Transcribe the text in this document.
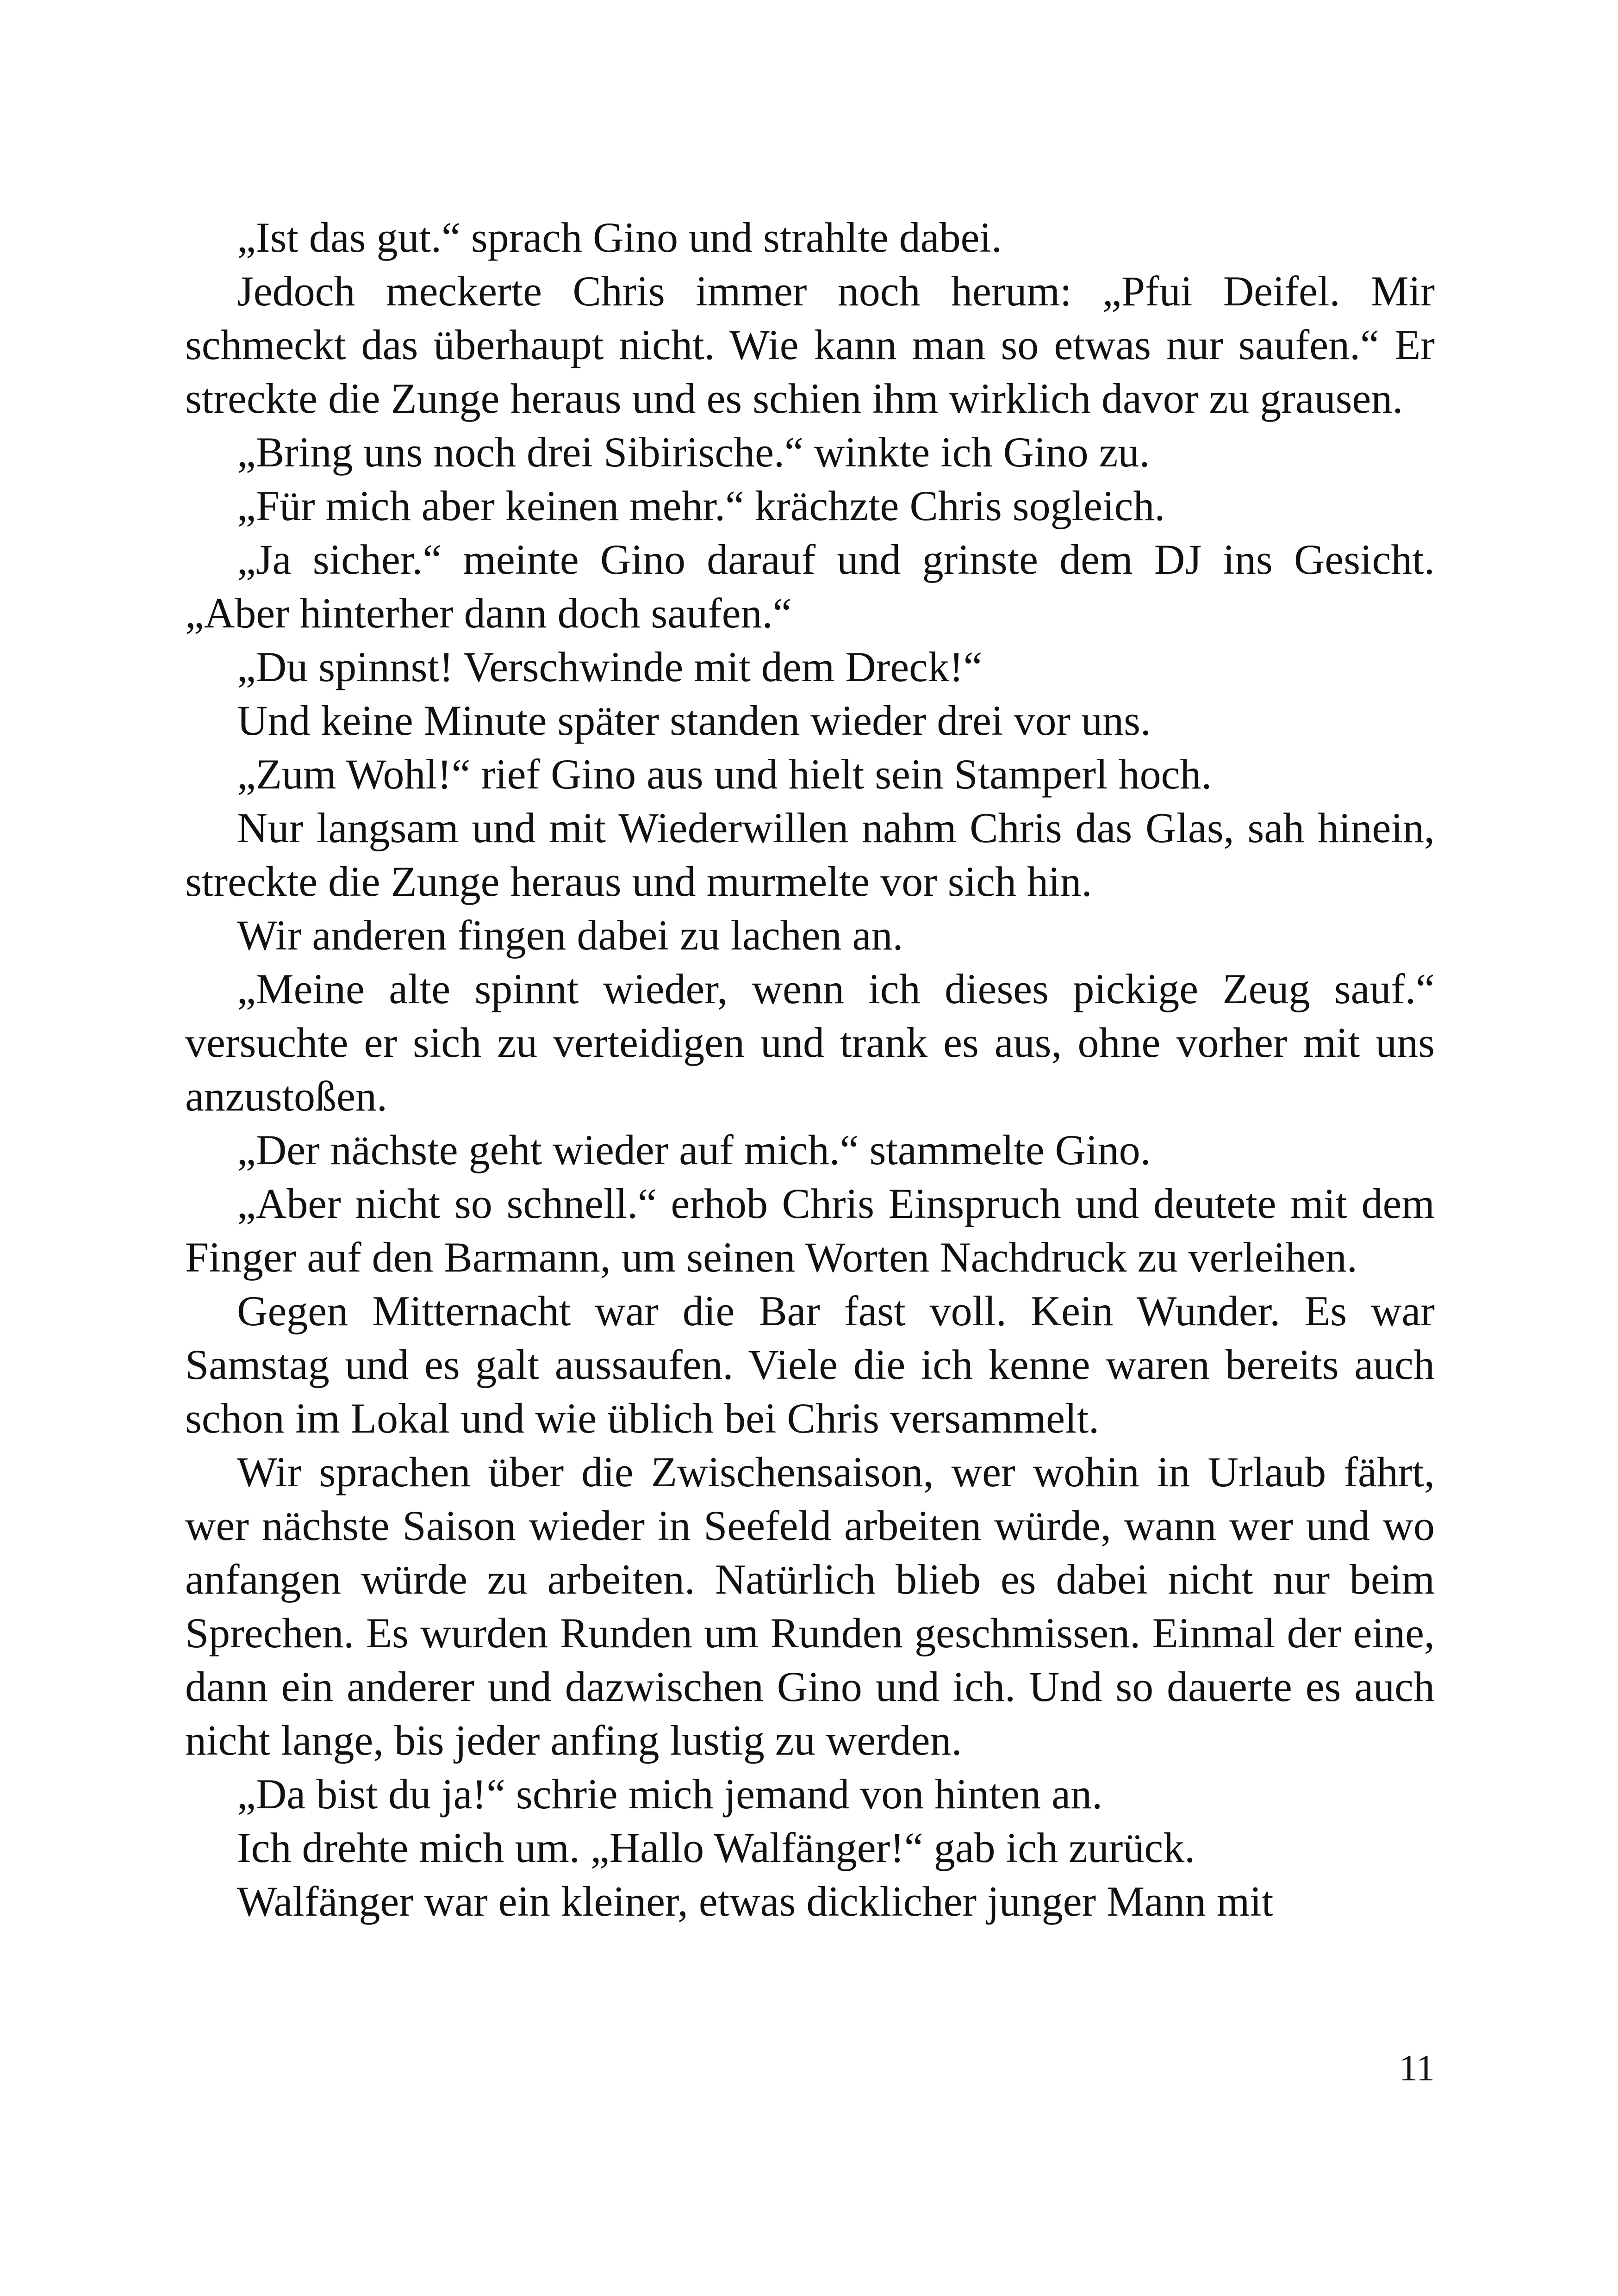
„Ist das gut.“ sprach Gino und strahlte dabei.

Jedoch meckerte Chris immer noch herum: „Pfui Deifel. Mir schmeckt das überhaupt nicht. Wie kann man so etwas nur saufen.“ Er streckte die Zunge heraus und es schien ihm wirklich davor zu grausen.

„Bring uns noch drei Sibirische.“ winkte ich Gino zu.

„Für mich aber keinen mehr.“ krächzte Chris sogleich.

„Ja sicher.“ meinte Gino darauf und grinste dem DJ ins Gesicht. „Aber hinterher dann doch saufen.“

„Du spinnst! Verschwinde mit dem Dreck!“

Und keine Minute später standen wieder drei vor uns.

„Zum Wohl!“ rief Gino aus und hielt sein Stamperl hoch.

Nur langsam und mit Wiederwillen nahm Chris das Glas, sah hinein, streckte die Zunge heraus und murmelte vor sich hin.

Wir anderen fingen dabei zu lachen an.

„Meine alte spinnt wieder, wenn ich dieses pickige Zeug sauf.“ versuchte er sich zu verteidigen und trank es aus, ohne vorher mit uns anzustoßen.

„Der nächste geht wieder auf mich.“ stammelte Gino.

„Aber nicht so schnell.“ erhob Chris Einspruch und deutete mit dem Finger auf den Barmann, um seinen Worten Nachdruck zu verleihen.

Gegen Mitternacht war die Bar fast voll. Kein Wunder. Es war Samstag und es galt aussaufen. Viele die ich kenne waren bereits auch schon im Lokal und wie üblich bei Chris versammelt.

Wir sprachen über die Zwischensaison, wer wohin in Urlaub fährt, wer nächste Saison wieder in Seefeld arbeiten würde, wann wer und wo anfangen würde zu arbeiten. Natürlich blieb es dabei nicht nur beim Sprechen. Es wurden Runden um Runden geschmissen. Einmal der eine, dann ein anderer und dazwischen Gino und ich. Und so dauerte es auch nicht lange, bis jeder anfing lustig zu werden.

„Da bist du ja!“ schrie mich jemand von hinten an.

Ich drehte mich um. „Hallo Walfänger!“ gab ich zurück.

Walfänger war ein kleiner, etwas dicklicher junger Mann mit

11
